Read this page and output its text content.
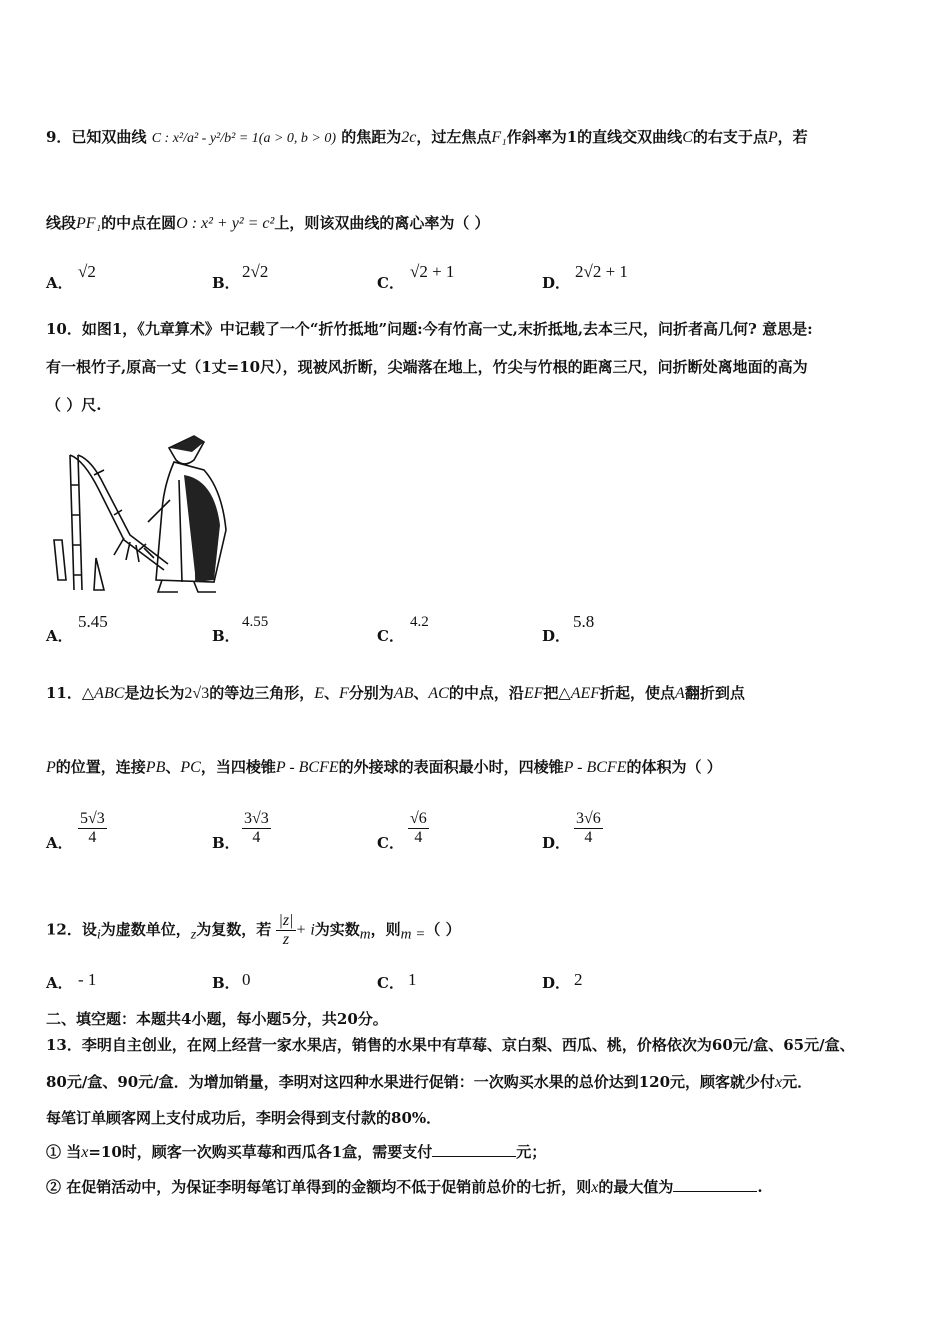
9．已知双曲线 C : x²/a² - y²/b² = 1(a > 0, b > 0) 的焦距为2c，过左焦点F₁作斜率为1的直线交双曲线C的右支于点P，若
线段PF₁的中点在圆O : x² + y² = c²上，则该双曲线的离心率为（ ）
A．
√2
B．
2√2
C．
√2 + 1
D．
2√2 + 1
10．如图1，《九章算术》中记载了一个“折竹抵地”问题:今有竹高一丈,末折抵地,去本三尺，问折者高几何? 意思是:
有一根竹子,原高一丈（1丈=10尺），现被风折断，尖端落在地上，竹尖与竹根的距离三尺，问折断处离地面的高为
（ ）尺.
A．
5.45
B．
4.55
C．
4.2
D．
5.8
11．△ABC是边长为2√3的等边三角形，E、F分别为AB、AC的中点，沿EF把△AEF折起，使点A翻折到点
P的位置，连接PB、PC，当四棱锥P - BCFE的外接球的表面积最小时，四棱锥P - BCFE的体积为（ ）
A． $\frac{5√3}{4}$	B． $\frac{3√3}{4}$	C． $\frac{√6}{4}$	D． $\frac{3√6}{4}$
12．设i为虚数单位，z为复数，若 $\frac{|z|}{z} + i$为实数m，则m =（ ）
A． - 1	B． 0	C． 1	D． 2
二、填空题：本题共4小题，每小题5分，共20分。
13．李明自主创业，在网上经营一家水果店，销售的水果中有草莓、京白梨、西瓜、桃，价格依次为60元/盒、65元/盒、
80元/盒、90元/盒．为增加销量，李明对这四种水果进行促销：一次购买水果的总价达到120元，顾客就少付x元．
每笔订单顾客网上支付成功后，李明会得到支付款的80%．
① 当x=10时，顾客一次购买草莓和西瓜各1盒，需要支付	元；
② 在促销活动中，为保证李明每笔订单得到的金额均不低于促销前总价的七折，则x的最大值为	.
